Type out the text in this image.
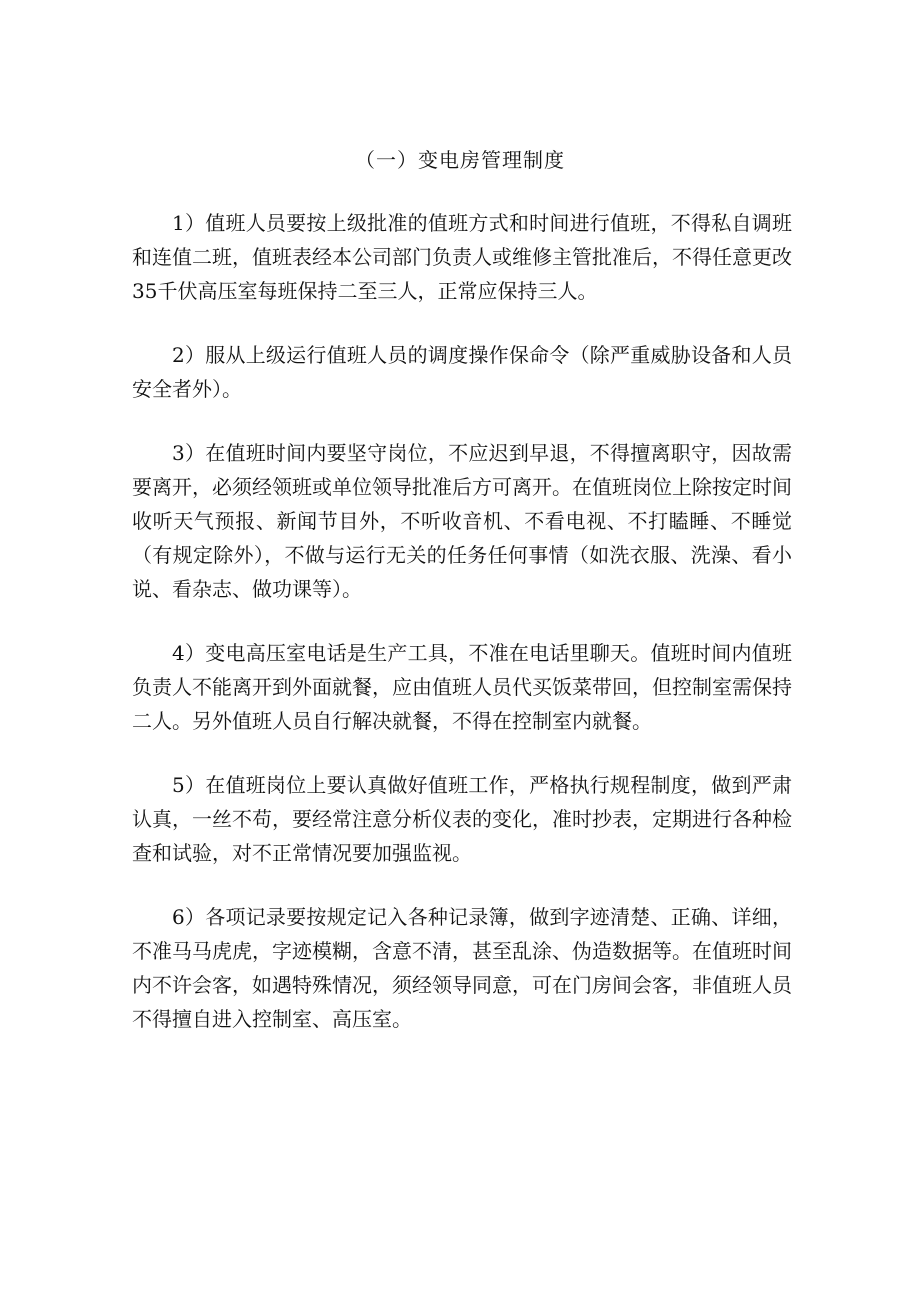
（一）变电房管理制度

1）值班人员要按上级批准的值班方式和时间进行值班，不得私自调班和连值二班，值班表经本公司部门负责人或维修主管批准后，不得任意更改35千伏高压室每班保持二至三人，正常应保持三人。

2）服从上级运行值班人员的调度操作保命令（除严重威胁设备和人员安全者外）。

3）在值班时间内要坚守岗位，不应迟到早退，不得擅离职守，因故需要离开，必须经领班或单位领导批准后方可离开。在值班岗位上除按定时间收听天气预报、新闻节目外，不听收音机、不看电视、不打瞌睡、不睡觉（有规定除外），不做与运行无关的任务任何事情（如洗衣服、洗澡、看小说、看杂志、做功课等）。

4）变电高压室电话是生产工具，不准在电话里聊天。值班时间内值班负责人不能离开到外面就餐，应由值班人员代买饭菜带回，但控制室需保持二人。另外值班人员自行解决就餐，不得在控制室内就餐。

5）在值班岗位上要认真做好值班工作，严格执行规程制度，做到严肃认真，一丝不苟，要经常注意分析仪表的变化，准时抄表，定期进行各种检查和试验，对不正常情况要加强监视。

6）各项记录要按规定记入各种记录簿，做到字迹清楚、正确、详细，不准马马虎虎，字迹模糊，含意不清，甚至乱涂、伪造数据等。在值班时间内不许会客，如遇特殊情况，须经领导同意，可在门房间会客，非值班人员不得擅自进入控制室、高压室。
